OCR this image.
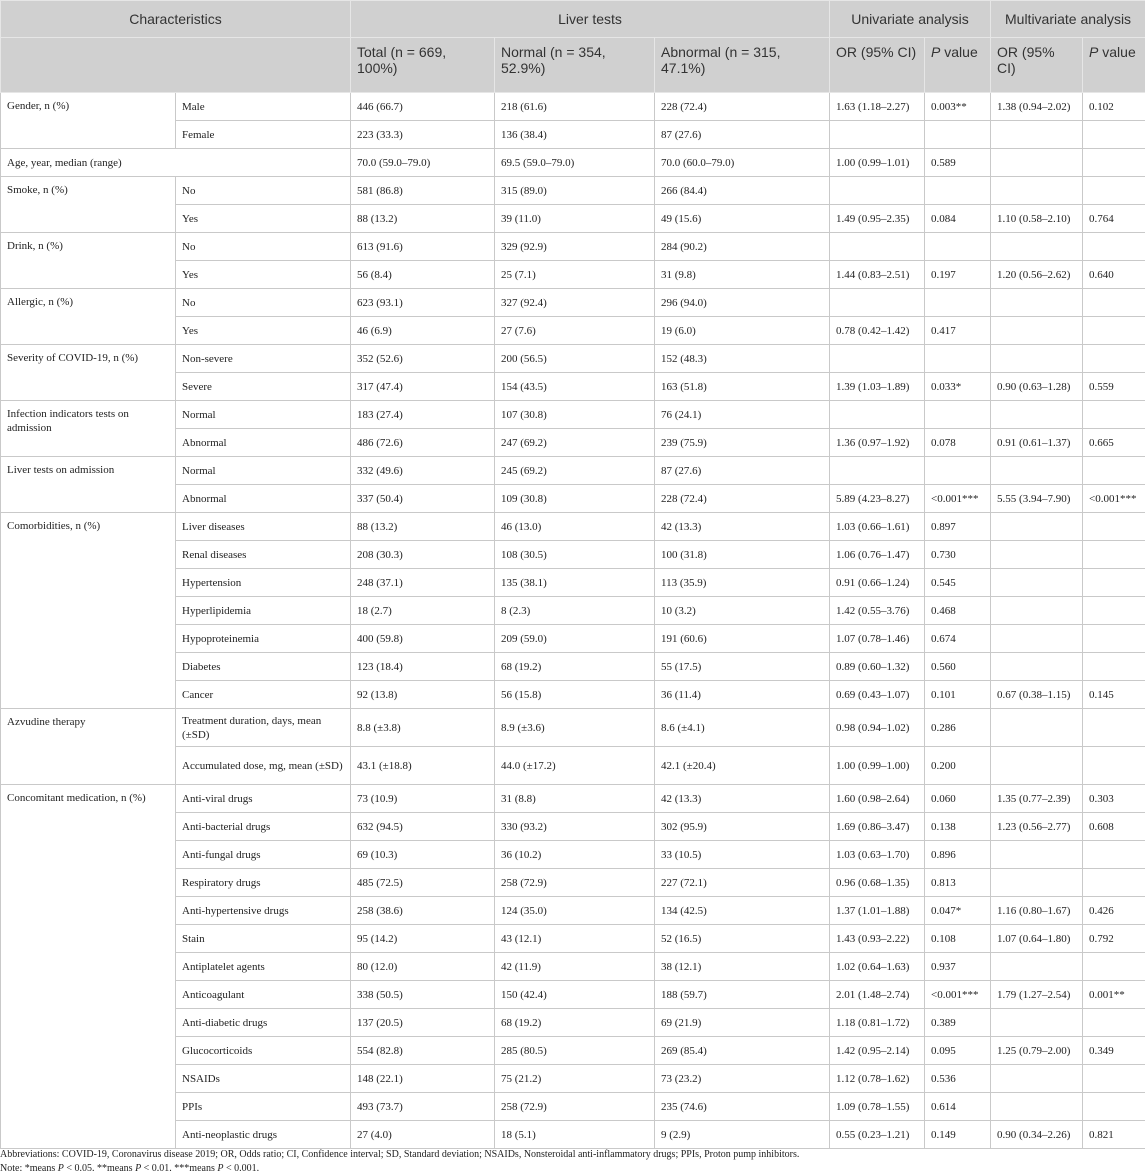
Characteristics		Liver tests			Univariate analysis		Multivariate analysis	
		Total (n = 669, 100%)	Normal (n = 354, 52.9%)	Abnormal (n = 315, 47.1%)	OR (95% CI)	P value	OR (95% CI)	P value
Gender, n (%)	Male	446 (66.7)	218 (61.6)	228 (72.4)	1.63 (1.18–2.27)	0.003**	1.38 (0.94–2.02)	0.102
	Female	223 (33.3)	136 (38.4)	87 (27.6)				
Age, year, median (range)		70.0 (59.0–79.0)	69.5 (59.0–79.0)	70.0 (60.0–79.0)	1.00 (0.99–1.01)	0.589		
Smoke, n (%)	No	581 (86.8)	315 (89.0)	266 (84.4)				
	Yes	88 (13.2)	39 (11.0)	49 (15.6)	1.49 (0.95–2.35)	0.084	1.10 (0.58–2.10)	0.764
Drink, n (%)	No	613 (91.6)	329 (92.9)	284 (90.2)				
	Yes	56 (8.4)	25 (7.1)	31 (9.8)	1.44 (0.83–2.51)	0.197	1.20 (0.56–2.62)	0.640
Allergic, n (%)	No	623 (93.1)	327 (92.4)	296 (94.0)				
	Yes	46 (6.9)	27 (7.6)	19 (6.0)	0.78 (0.42–1.42)	0.417		
Severity of COVID-19, n (%)	Non-severe	352 (52.6)	200 (56.5)	152 (48.3)				
	Severe	317 (47.4)	154 (43.5)	163 (51.8)	1.39 (1.03–1.89)	0.033*	0.90 (0.63–1.28)	0.559
Infection indicators tests on admission	Normal	183 (27.4)	107 (30.8)	76 (24.1)				
	Abnormal	486 (72.6)	247 (69.2)	239 (75.9)	1.36 (0.97–1.92)	0.078	0.91 (0.61–1.37)	0.665
Liver tests on admission	Normal	332 (49.6)	245 (69.2)	87 (27.6)				
	Abnormal	337 (50.4)	109 (30.8)	228 (72.4)	5.89 (4.23–8.27)	<0.001***	5.55 (3.94–7.90)	<0.001***
Comorbidities, n (%)	Liver diseases	88 (13.2)	46 (13.0)	42 (13.3)	1.03 (0.66–1.61)	0.897		
	Renal diseases	208 (30.3)	108 (30.5)	100 (31.8)	1.06 (0.76–1.47)	0.730		
	Hypertension	248 (37.1)	135 (38.1)	113 (35.9)	0.91 (0.66–1.24)	0.545		
	Hyperlipidemia	18 (2.7)	8 (2.3)	10 (3.2)	1.42 (0.55–3.76)	0.468		
	Hypoproteinemia	400 (59.8)	209 (59.0)	191 (60.6)	1.07 (0.78–1.46)	0.674		
	Diabetes	123 (18.4)	68 (19.2)	55 (17.5)	0.89 (0.60–1.32)	0.560		
	Cancer	92 (13.8)	56 (15.8)	36 (11.4)	0.69 (0.43–1.07)	0.101	0.67 (0.38–1.15)	0.145
Azvudine therapy	Treatment duration, days, mean (±SD)	8.8 (±3.8)	8.9 (±3.6)	8.6 (±4.1)	0.98 (0.94–1.02)	0.286		
	Accumulated dose, mg, mean (±SD)	43.1 (±18.8)	44.0 (±17.2)	42.1 (±20.4)	1.00 (0.99–1.00)	0.200		
Concomitant medication, n (%)	Anti-viral drugs	73 (10.9)	31 (8.8)	42 (13.3)	1.60 (0.98–2.64)	0.060	1.35 (0.77–2.39)	0.303
	Anti-bacterial drugs	632 (94.5)	330 (93.2)	302 (95.9)	1.69 (0.86–3.47)	0.138	1.23 (0.56–2.77)	0.608
	Anti-fungal drugs	69 (10.3)	36 (10.2)	33 (10.5)	1.03 (0.63–1.70)	0.896		
	Respiratory drugs	485 (72.5)	258 (72.9)	227 (72.1)	0.96 (0.68–1.35)	0.813		
	Anti-hypertensive drugs	258 (38.6)	124 (35.0)	134 (42.5)	1.37 (1.01–1.88)	0.047*	1.16 (0.80–1.67)	0.426
	Stain	95 (14.2)	43 (12.1)	52 (16.5)	1.43 (0.93–2.22)	0.108	1.07 (0.64–1.80)	0.792
	Antiplatelet agents	80 (12.0)	42 (11.9)	38 (12.1)	1.02 (0.64–1.63)	0.937		
	Anticoagulant	338 (50.5)	150 (42.4)	188 (59.7)	2.01 (1.48–2.74)	<0.001***	1.79 (1.27–2.54)	0.001**
	Anti-diabetic drugs	137 (20.5)	68 (19.2)	69 (21.9)	1.18 (0.81–1.72)	0.389		
	Glucocorticoids	554 (82.8)	285 (80.5)	269 (85.4)	1.42 (0.95–2.14)	0.095	1.25 (0.79–2.00)	0.349
	NSAIDs	148 (22.1)	75 (21.2)	73 (23.2)	1.12 (0.78–1.62)	0.536		
	PPIs	493 (73.7)	258 (72.9)	235 (74.6)	1.09 (0.78–1.55)	0.614		
	Anti-neoplastic drugs	27 (4.0)	18 (5.1)	9 (2.9)	0.55 (0.23–1.21)	0.149	0.90 (0.34–2.26)	0.821
Abbreviations: COVID-19, Coronavirus disease 2019; OR, Odds ratio; CI, Confidence interval; SD, Standard deviation; NSAIDs, Nonsteroidal anti-inflammatory drugs; PPIs, Proton pump inhibitors.
Note: *means P < 0.05. **means P < 0.01. ***means P < 0.001.
